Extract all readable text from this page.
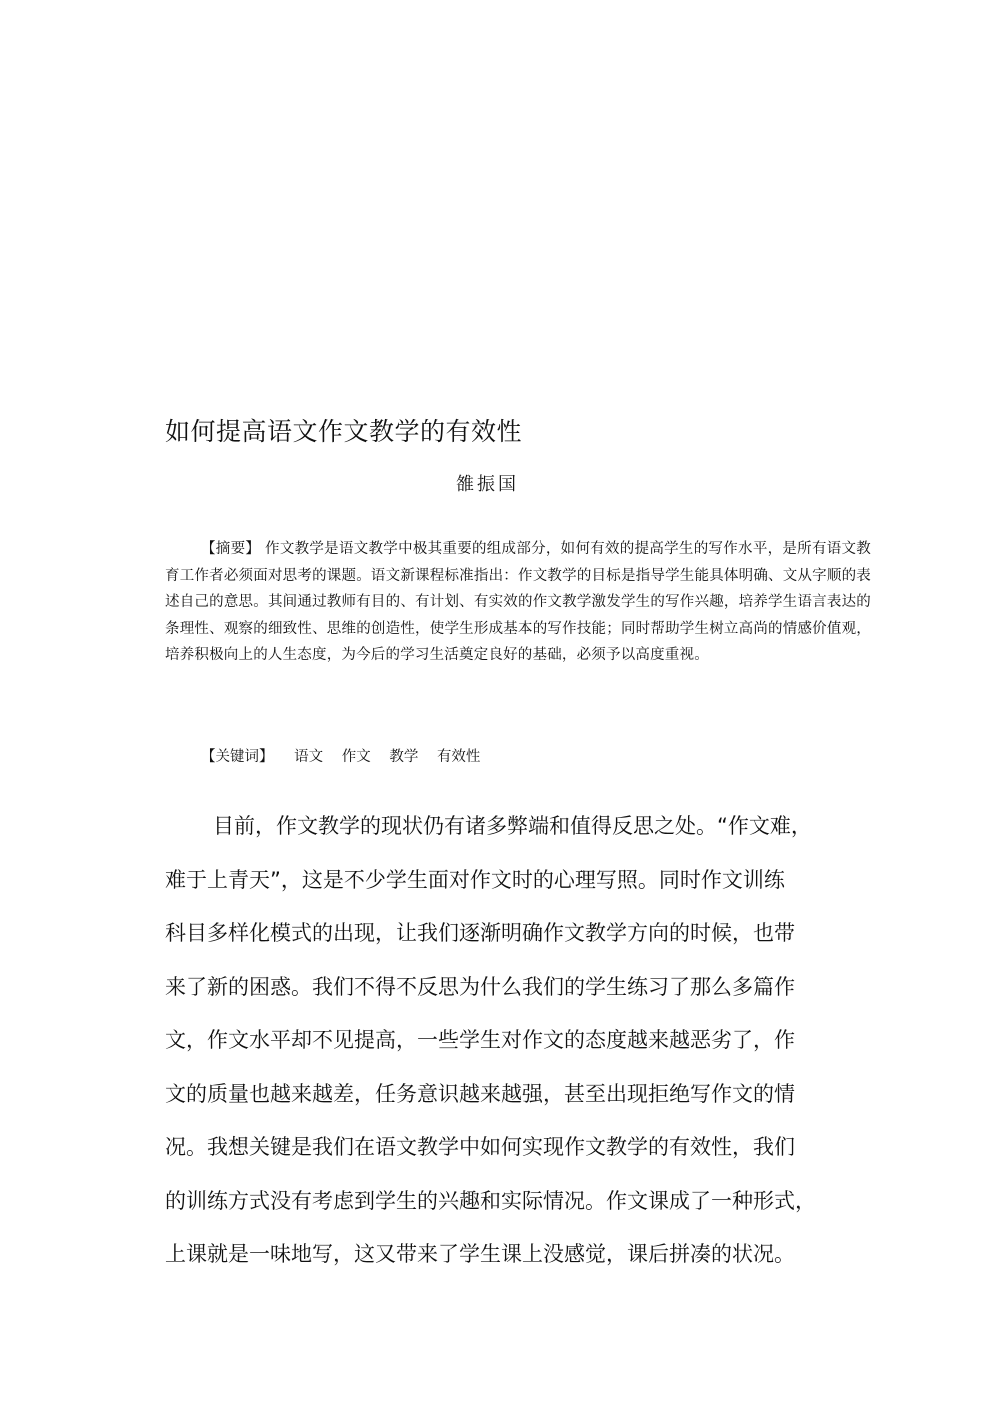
如何提高语文作文教学的有效性
雒振国
【摘要】 作文教学是语文教学中极其重要的组成部分，如何有效的提高学生的写作水平，是所有语文教育工作者必须面对思考的课题。语文新课程标准指出：作文教学的目标是指导学生能具体明确、文从字顺的表述自己的意思。其间通过教师有目的、有计划、有实效的作文教学激发学生的写作兴趣，培养学生语言表达的条理性、观察的细致性、思维的创造性，使学生形成基本的写作技能；同时帮助学生树立高尚的情感价值观，培养积极向上的人生态度，为今后的学习生活奠定良好的基础，必须予以高度重视。
【关键词】 语文 作文 教学 有效性
目前，作文教学的现状仍有诸多弊端和值得反思之处。“作文难，
难于上青天”，这是不少学生面对作文时的心理写照。同时作文训练
科目多样化模式的出现，让我们逐渐明确作文教学方向的时候，也带
来了新的困惑。我们不得不反思为什么我们的学生练习了那么多篇作
文，作文水平却不见提高，一些学生对作文的态度越来越恶劣了，作
文的质量也越来越差，任务意识越来越强，甚至出现拒绝写作文的情
况。我想关键是我们在语文教学中如何实现作文教学的有效性，我们
的训练方式没有考虑到学生的兴趣和实际情况。作文课成了一种形式，
上课就是一味地写，这又带来了学生课上没感觉，课后拼凑的状况。
